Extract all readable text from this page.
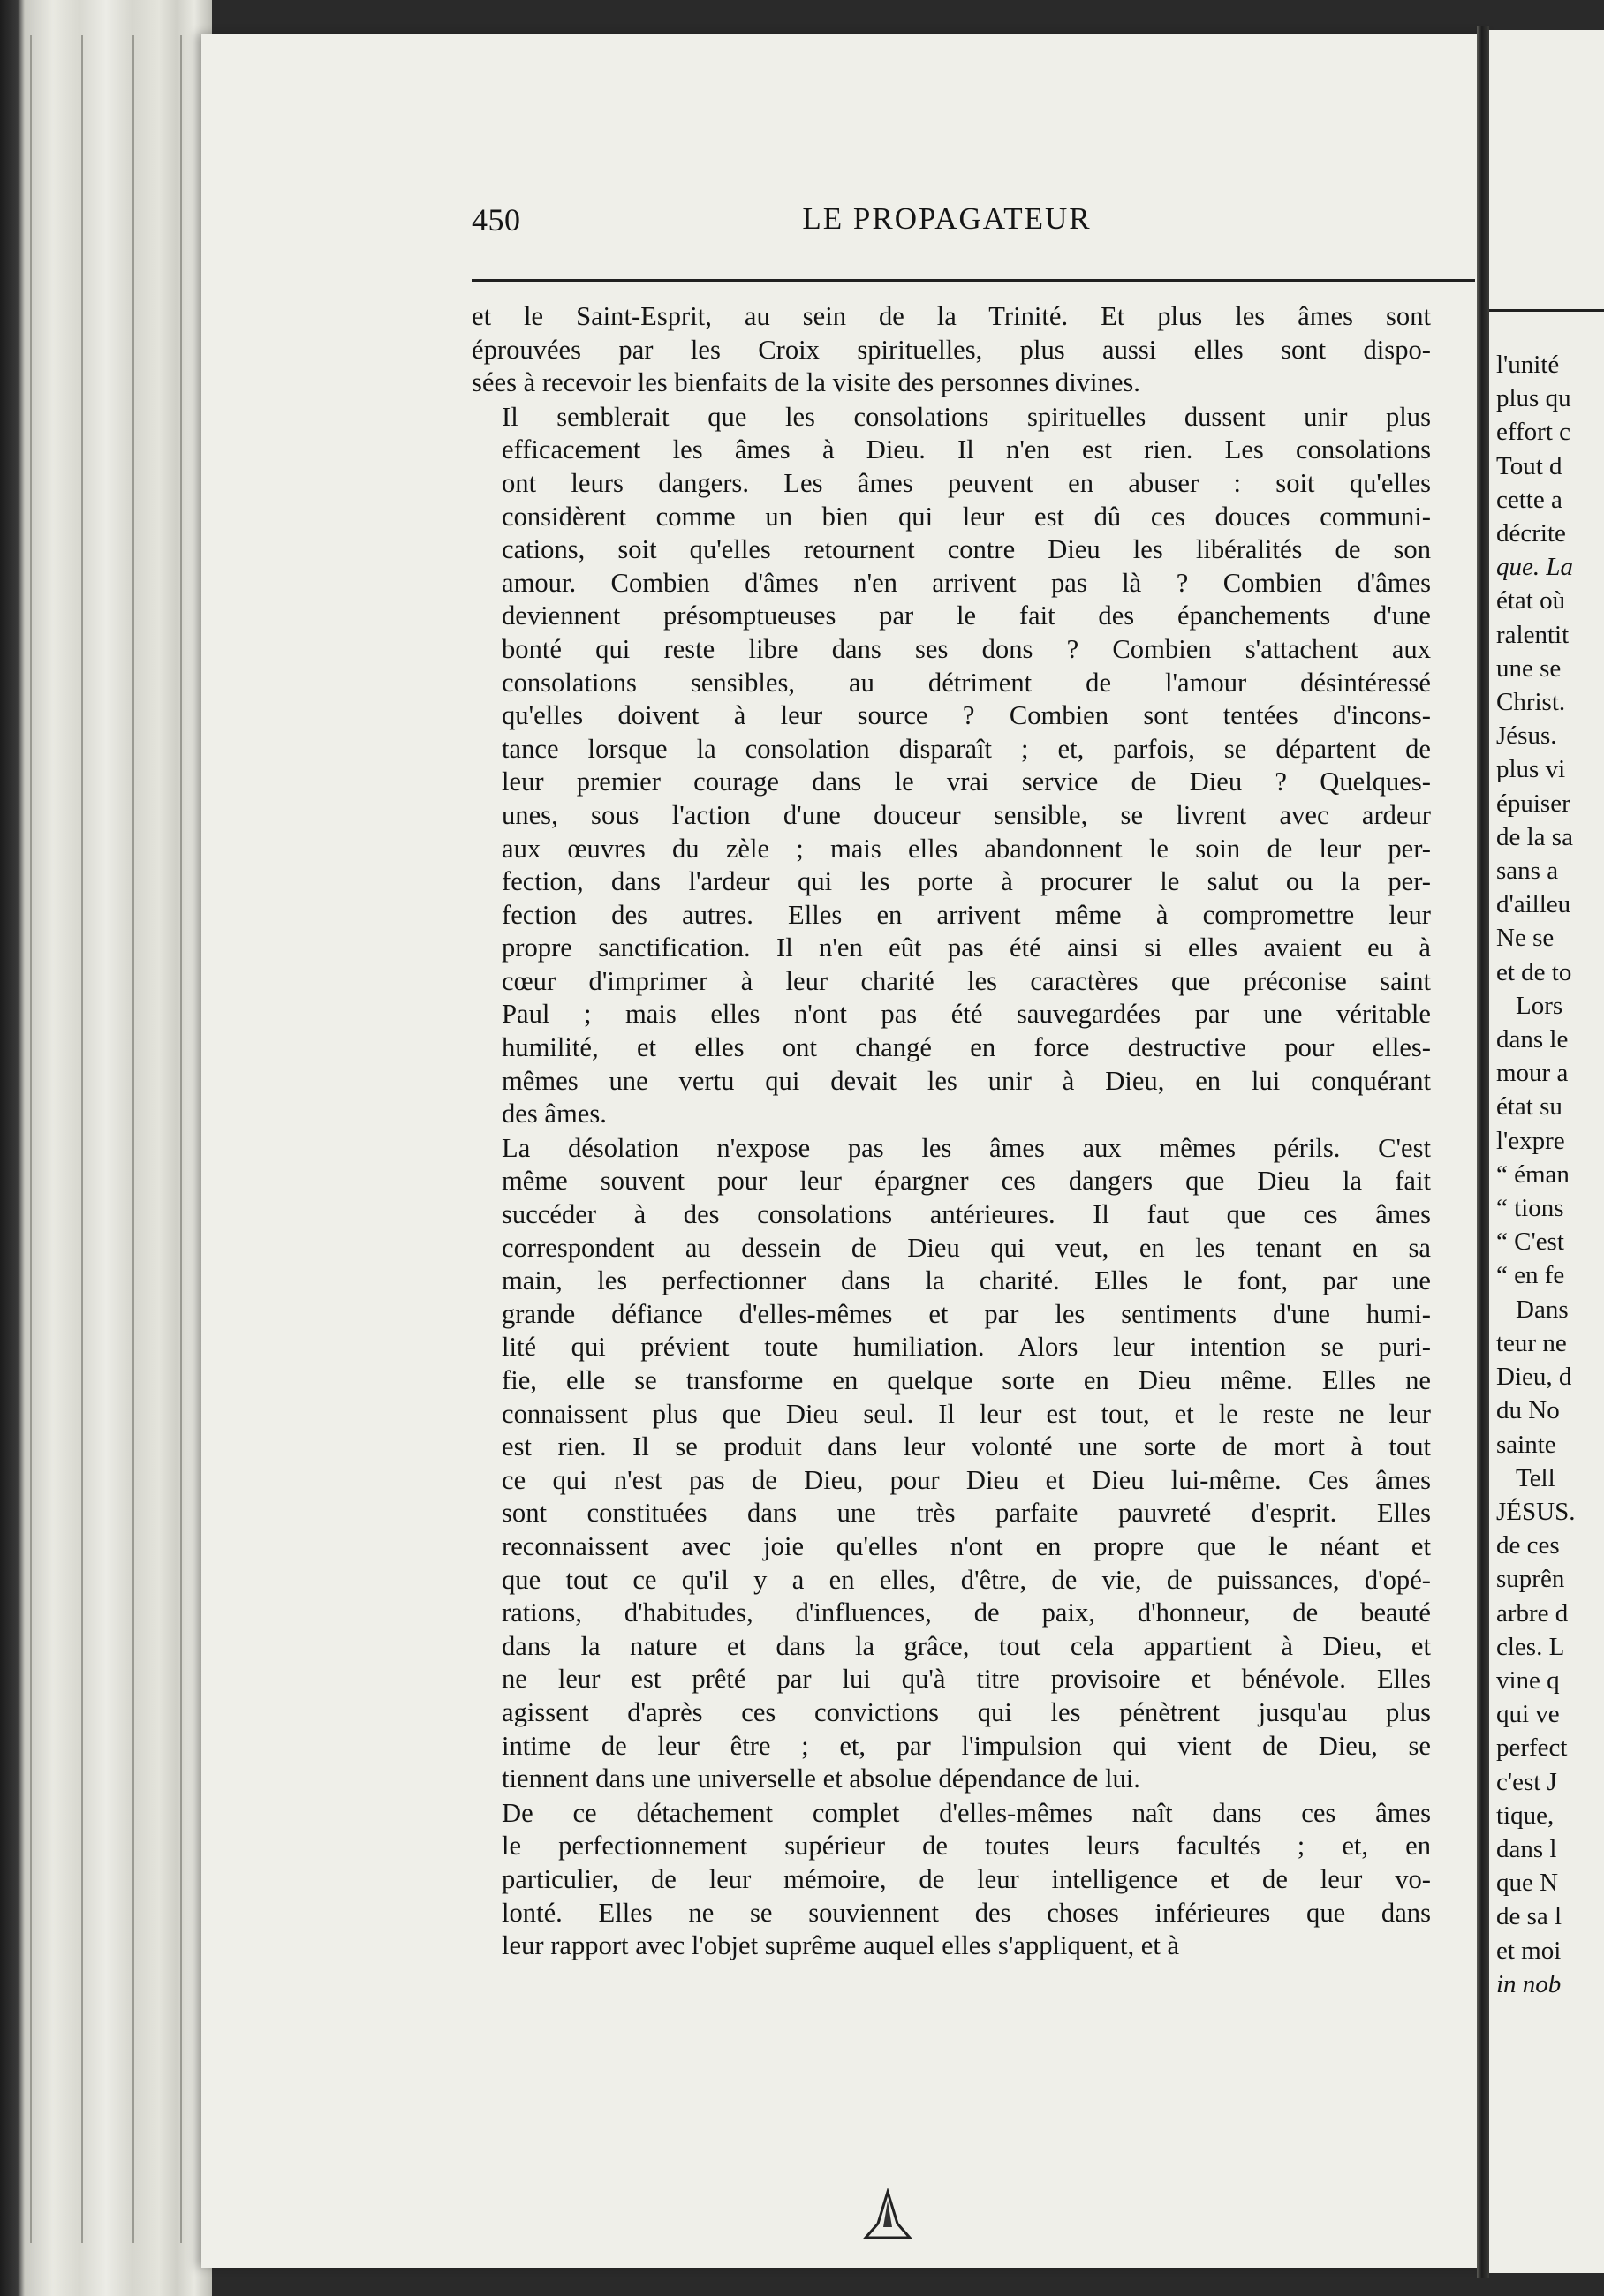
450	LE PROPAGATEUR

et le Saint-Esprit, au sein de la Trinité. Et plus les âmes sont
éprouvées par les Croix spirituelles, plus aussi elles sont dispo-
sées à recevoir les bienfaits de la visite des personnes divines.

Il semblerait que les consolations spirituelles dussent unir plus
efficacement les âmes à Dieu. Il n'en est rien. Les consolations
ont leurs dangers. Les âmes peuvent en abuser : soit qu'elles
considèrent comme un bien qui leur est dû ces douces communi-
cations, soit qu'elles retournent contre Dieu les libéralités de son
amour. Combien d'âmes n'en arrivent pas là ? Combien d'âmes
deviennent présomptueuses par le fait des épanchements d'une
bonté qui reste libre dans ses dons ? Combien s'attachent aux
consolations sensibles, au détriment de l'amour désintéressé
qu'elles doivent à leur source ? Combien sont tentées d'incons-
tance lorsque la consolation disparaît ; et, parfois, se départent de
leur premier courage dans le vrai service de Dieu ? Quelques-
unes, sous l'action d'une douceur sensible, se livrent avec ardeur
aux œuvres du zèle ; mais elles abandonnent le soin de leur per-
fection, dans l'ardeur qui les porte à procurer le salut ou la per-
fection des autres. Elles en arrivent même à compromettre leur
propre sanctification. Il n'en eût pas été ainsi si elles avaient eu à
cœur d'imprimer à leur charité les caractères que préconise saint
Paul ; mais elles n'ont pas été sauvegardées par une véritable
humilité, et elles ont changé en force destructive pour elles-
mêmes une vertu qui devait les unir à Dieu, en lui conquérant
des âmes.

La désolation n'expose pas les âmes aux mêmes périls. C'est
même souvent pour leur épargner ces dangers que Dieu la fait
succéder à des consolations antérieures. Il faut que ces âmes
correspondent au dessein de Dieu qui veut, en les tenant en sa
main, les perfectionner dans la charité. Elles le font, par une
grande défiance d'elles-mêmes et par les sentiments d'une humi-
lité qui prévient toute humiliation. Alors leur intention se puri-
fie, elle se transforme en quelque sorte en Dieu même. Elles ne
connaissent plus que Dieu seul. Il leur est tout, et le reste ne leur
est rien. Il se produit dans leur volonté une sorte de mort à tout
ce qui n'est pas de Dieu, pour Dieu et Dieu lui-même. Ces âmes
sont constituées dans une très parfaite pauvreté d'esprit. Elles
reconnaissent avec joie qu'elles n'ont en propre que le néant et
que tout ce qu'il y a en elles, d'être, de vie, de puissances, d'opé-
rations, d'habitudes, d'influences, de paix, d'honneur, de beauté
dans la nature et dans la grâce, tout cela appartient à Dieu, et
ne leur est prêté par lui qu'à titre provisoire et bénévole. Elles
agissent d'après ces convictions qui les pénètrent jusqu'au plus
intime de leur être ; et, par l'impulsion qui vient de Dieu, se
tiennent dans une universelle et absolue dépendance de lui.

De ce détachement complet d'elles-mêmes naît dans ces âmes
le perfectionnement supérieur de toutes leurs facultés ; et, en
particulier, de leur mémoire, de leur intelligence et de leur vo-
lonté. Elles ne se souviennent des choses inférieures que dans
leur rapport avec l'objet suprême auquel elles s'appliquent, et à

l'unité
plus qu
effort c
Tout d
cette a
décrite
que. La
état où
ralentit
une se
Christ.
Jésus.
plus vi
épuiser
de la sa
sans a
d'ailleu
Ne se
et de to
Lors
dans le
mour a
état su
l'expre
“ éman
“ tions
“ C'est
“ en fe
Dans
teur ne
Dieu, d
du No
sainte
Tell
JÉSUS.
de ces
suprên
arbre d
cles. L
vine q
qui ve
perfect
c'est J
tique,
dans l
que N
de sa l
et moi
in nob
